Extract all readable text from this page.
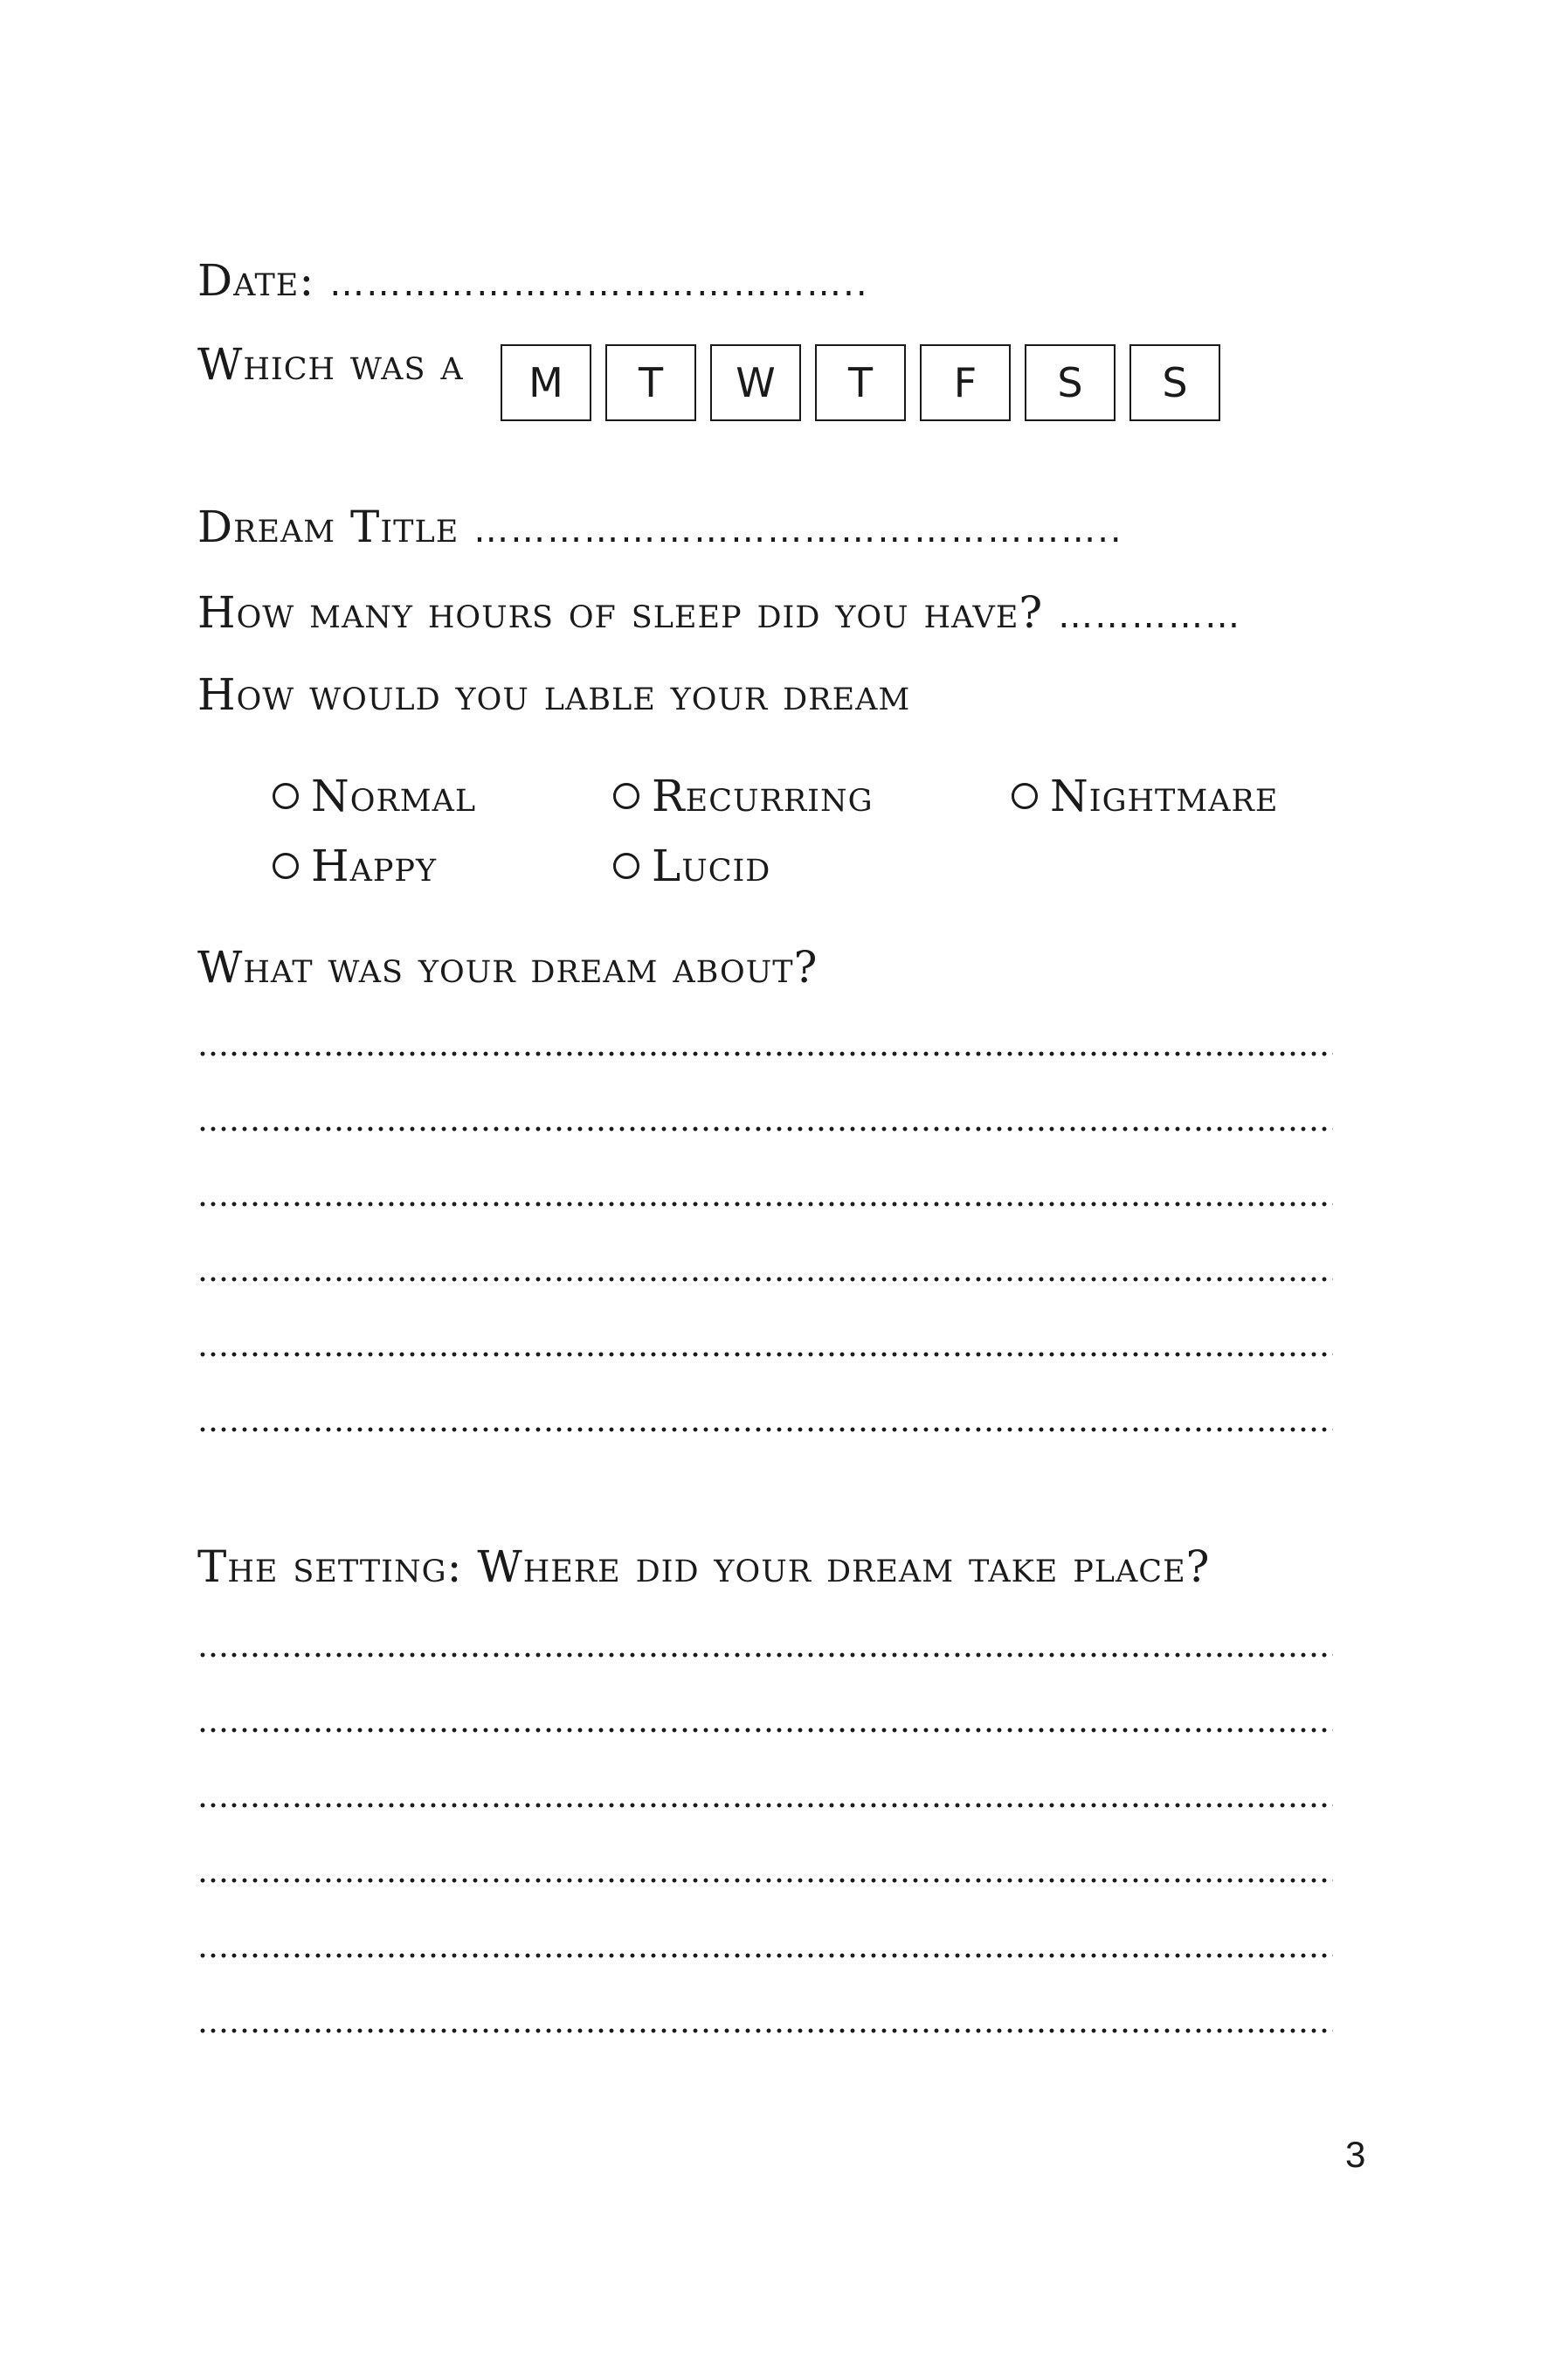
Date: ……………………………………..
Which was a	M	T	W	T	F	S	S
Dream Title ……………………………………………..
How many hours of sleep did you have? ……………
How would you lable your dream
Normal	Recurring	Nightmare
Happy	Lucid
What was your dream about?
The setting: Where did your dream take place?
3
